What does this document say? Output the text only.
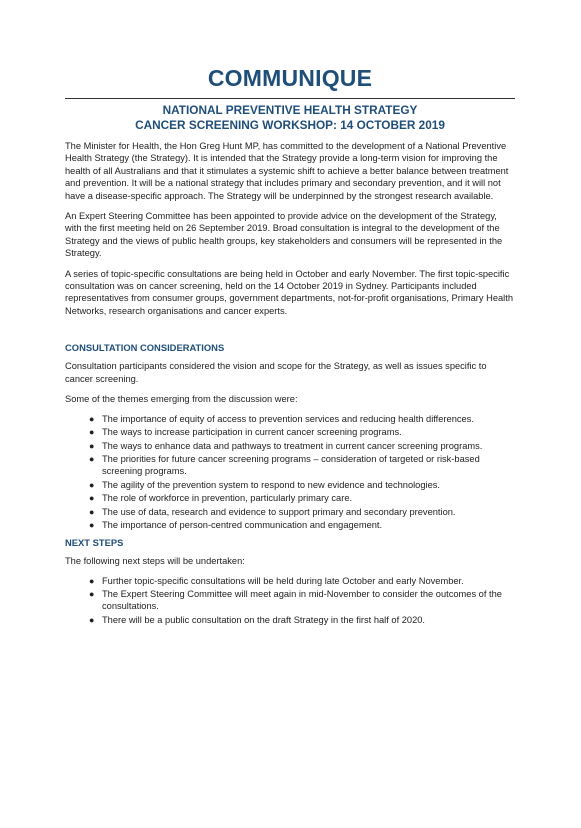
COMMUNIQUE
NATIONAL PREVENTIVE HEALTH STRATEGY
CANCER SCREENING WORKSHOP: 14 OCTOBER 2019

The Minister for Health, the Hon Greg Hunt MP, has committed to the development of a National Preventive Health Strategy (the Strategy). It is intended that the Strategy provide a long-term vision for improving the health of all Australians and that it stimulates a systemic shift to achieve a better balance between treatment and prevention. It will be a national strategy that includes primary and secondary prevention, and it will not have a disease-specific approach. The Strategy will be underpinned by the strongest research available.

An Expert Steering Committee has been appointed to provide advice on the development of the Strategy, with the first meeting held on 26 September 2019. Broad consultation is integral to the development of the Strategy and the views of public health groups, key stakeholders and consumers will be represented in the Strategy.

A series of topic-specific consultations are being held in October and early November. The first topic-specific consultation was on cancer screening, held on the 14 October 2019 in Sydney. Participants included representatives from consumer groups, government departments, not-for-profit organisations, Primary Health Networks, research organisations and cancer experts.

CONSULTATION CONSIDERATIONS

Consultation participants considered the vision and scope for the Strategy, as well as issues specific to cancer screening.

Some of the themes emerging from the discussion were:

● The importance of equity of access to prevention services and reducing health differences.
● The ways to increase participation in current cancer screening programs.
● The ways to enhance data and pathways to treatment in current cancer screening programs.
● The priorities for future cancer screening programs – consideration of targeted or risk-based screening programs.
● The agility of the prevention system to respond to new evidence and technologies.
● The role of workforce in prevention, particularly primary care.
● The use of data, research and evidence to support primary and secondary prevention.
● The importance of person-centred communication and engagement.
NEXT STEPS

The following next steps will be undertaken:

● Further topic-specific consultations will be held during late October and early November.
● The Expert Steering Committee will meet again in mid-November to consider the outcomes of the consultations.
● There will be a public consultation on the draft Strategy in the first half of 2020.
